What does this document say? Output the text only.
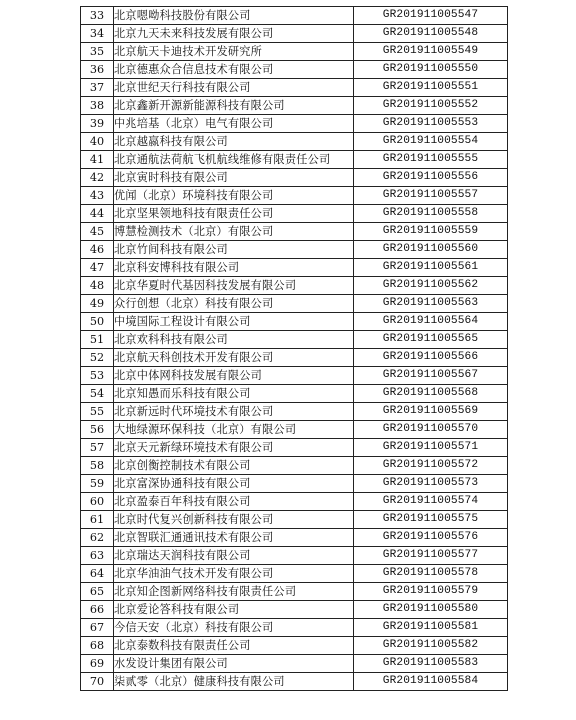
33	北京嗯呦科技股份有限公司	GR201911005547
34	北京九天未来科技发展有限公司	GR201911005548
35	北京航天卡迪技术开发研究所	GR201911005549
36	北京德惠众合信息技术有限公司	GR201911005550
37	北京世纪天行科技有限公司	GR201911005551
38	北京鑫新开源新能源科技有限公司	GR201911005552
39	中兆培基（北京）电气有限公司	GR201911005553
40	北京越嬴科技有限公司	GR201911005554
41	北京通航法荷航飞机航线维修有限责任公司	GR201911005555
42	北京寅时科技有限公司	GR201911005556
43	优闻（北京）环境科技有限公司	GR201911005557
44	北京坚果领地科技有限责任公司	GR201911005558
45	博慧检测技术（北京）有限公司	GR201911005559
46	北京竹间科技有限公司	GR201911005560
47	北京科安博科技有限公司	GR201911005561
48	北京华夏时代基因科技发展有限公司	GR201911005562
49	众行创想（北京）科技有限公司	GR201911005563
50	中境国际工程设计有限公司	GR201911005564
51	北京欢科科技有限公司	GR201911005565
52	北京航天科创技术开发有限公司	GR201911005566
53	北京中体网科技发展有限公司	GR201911005567
54	北京知愚而乐科技有限公司	GR201911005568
55	北京新远时代环境技术有限公司	GR201911005569
56	大地绿源环保科技（北京）有限公司	GR201911005570
57	北京天元新绿环境技术有限公司	GR201911005571
58	北京创衡控制技术有限公司	GR201911005572
59	北京富深协通科技有限公司	GR201911005573
60	北京盈泰百年科技有限公司	GR201911005574
61	北京时代复兴创新科技有限公司	GR201911005575
62	北京智联汇通通讯技术有限公司	GR201911005576
63	北京瑞达天润科技有限公司	GR201911005577
64	北京华油油气技术开发有限公司	GR201911005578
65	北京知企图新网络科技有限责任公司	GR201911005579
66	北京爱论答科技有限公司	GR201911005580
67	今信天安（北京）科技有限公司	GR201911005581
68	北京泰数科技有限责任公司	GR201911005582
69	水发设计集团有限公司	GR201911005583
70	柒贰零（北京）健康科技有限公司	GR201911005584
